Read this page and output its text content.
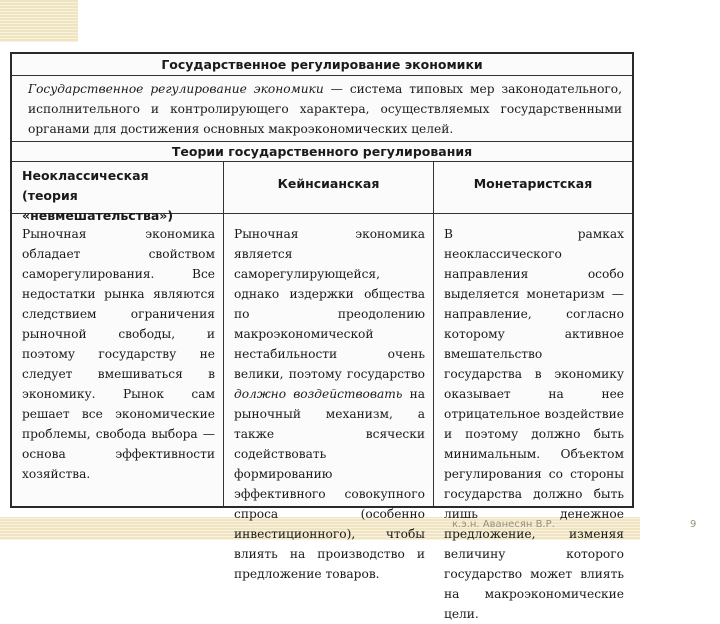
Государственное регулирование экономики
Государственное регулирование экономики — система типовых мер законодательного, исполнительного и контролирующего характера, осуществляемых государственными органами для достижения основных макроэкономических целей.
Теории государственного регулирования
Неоклассическая
(теория «невмешательства»)
Рыночная экономика обладает свойством саморегулирования. Все недостатки рынка являются следствием ограничения рыночной свободы, и поэтому государству не следует вмешиваться в экономику. Рынок сам решает все экономические проблемы, свобода выбора — основа эффективности хозяйства.
Кейнсианская
Рыночная экономика является саморегулирующейся, однако издержки общества по преодолению макроэкономической нестабильности очень велики, поэтому государство должно воздействовать на рыночный механизм, а также всячески содействовать формированию эффективного совокупного спроса (особенно инвестиционного), чтобы влиять на производство и предложение товаров.
Монетаристская
В рамках неоклассического направления особо выделяется монетаризм — направление, согласно которому активное вмешательство государства в экономику оказывает на нее отрицательное воздействие и поэтому должно быть минимальным. Объектом регулирования со стороны государства должно быть лишь денежное предложение, изменяя величину которого государство может влиять на макроэкономические цели.
к.э.н. Аванесян В.Р.	9
